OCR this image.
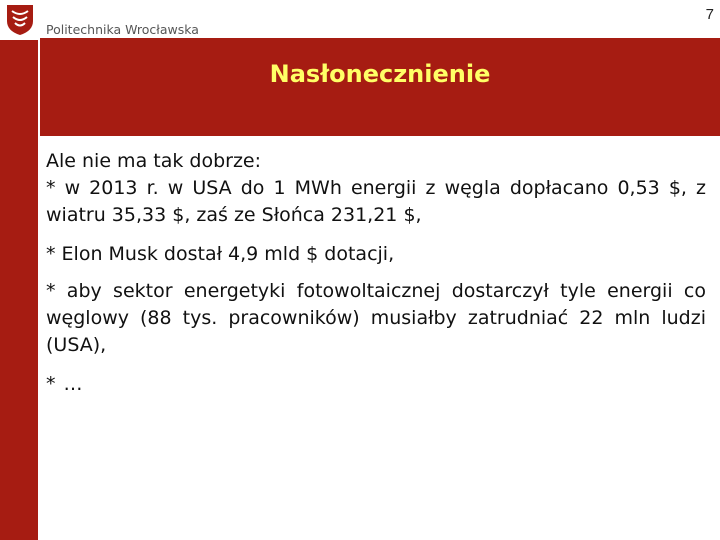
Politechnika Wrocławska
7
Nasłonecznienie

Ale nie ma tak dobrze:
* w 2013 r. w USA do 1 MWh energii z węgla dopłacano 0,53 $, z wiatru 35,33 $, zaś ze Słońca 231,21 $,

* Elon Musk dostał 4,9 mld $ dotacji,

* aby sektor energetyki fotowoltaicznej dostarczył tyle energii co węglowy (88 tys. pracowników) musiałby zatrudniać 22 mln ludzi (USA),

* …
